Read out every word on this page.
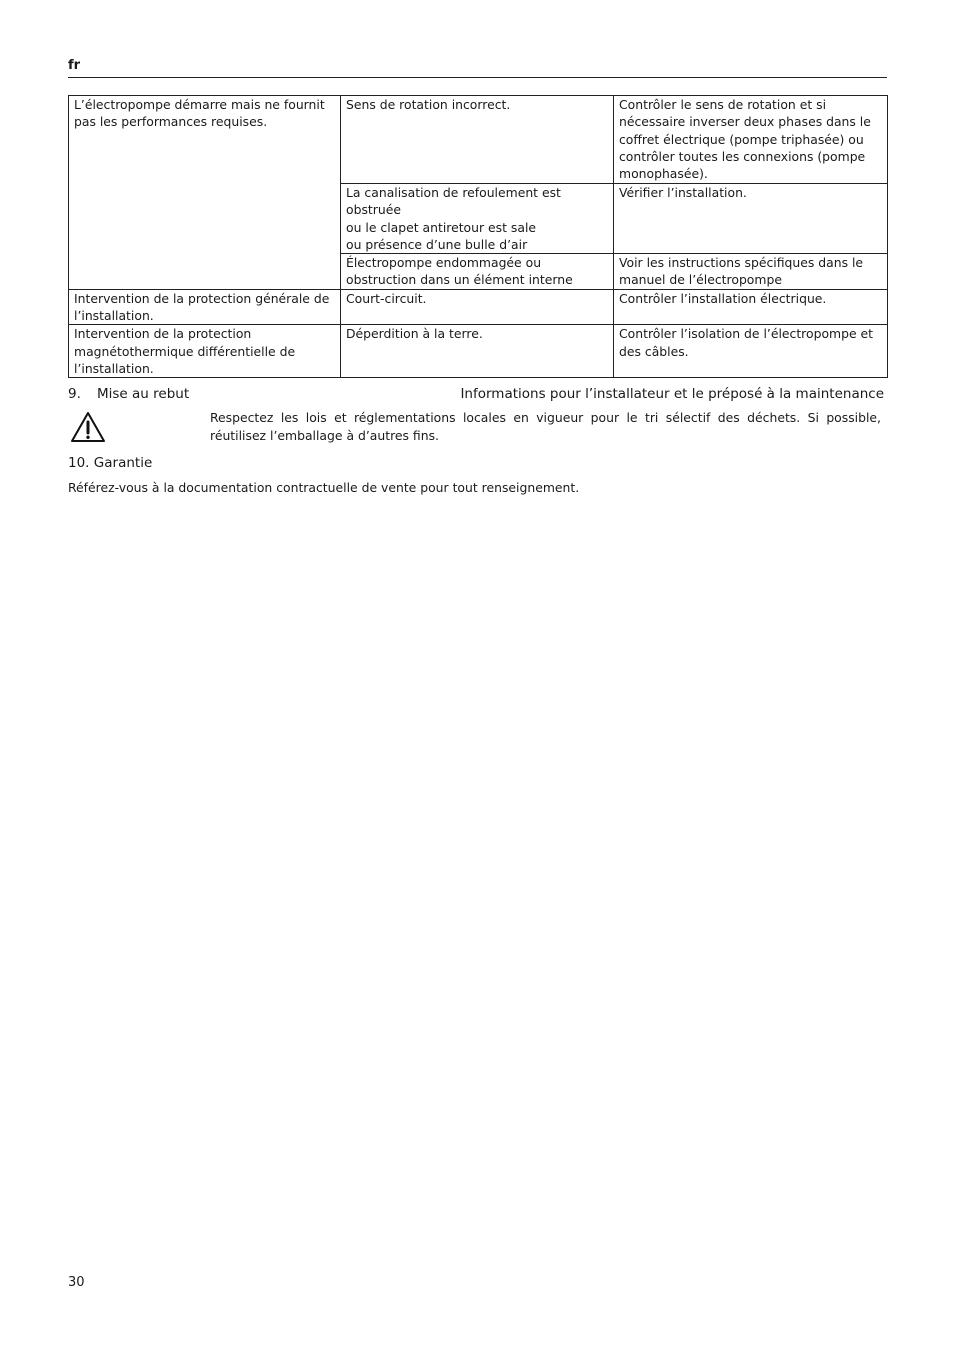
fr
L’électropompe démarre mais ne fournit pas les performances requises.	Sens de rotation incorrect.	Contrôler le sens de rotation et si nécessaire inverser deux phases dans le coffret électrique (pompe triphasée) ou contrôler toutes les connexions (pompe monophasée).

	La canalisation de refoulement est obstruée
ou le clapet antiretour est sale
ou présence d’une bulle d’air	Vérifier l’installation.

	Électropompe endommagée ou obstruction dans un élément interne	Voir les instructions spécifiques dans le manuel de l’électropompe
Intervention de la protection générale de l’installation.	Court-circuit.	Contrôler l’installation électrique.
Intervention de la protection magnétothermique différentielle de l’installation.	Déperdition à la terre.	Contrôler l’isolation de l’électropompe et des câbles.
9. Mise au rebut	Informations pour l’installateur et le préposé à la maintenance
Respectez les lois et réglementations locales en vigueur pour le tri sélectif des déchets. Si possible, réutilisez l’emballage à d’autres fins.
10. Garantie
Référez-vous à la documentation contractuelle de vente pour tout renseignement.
30
